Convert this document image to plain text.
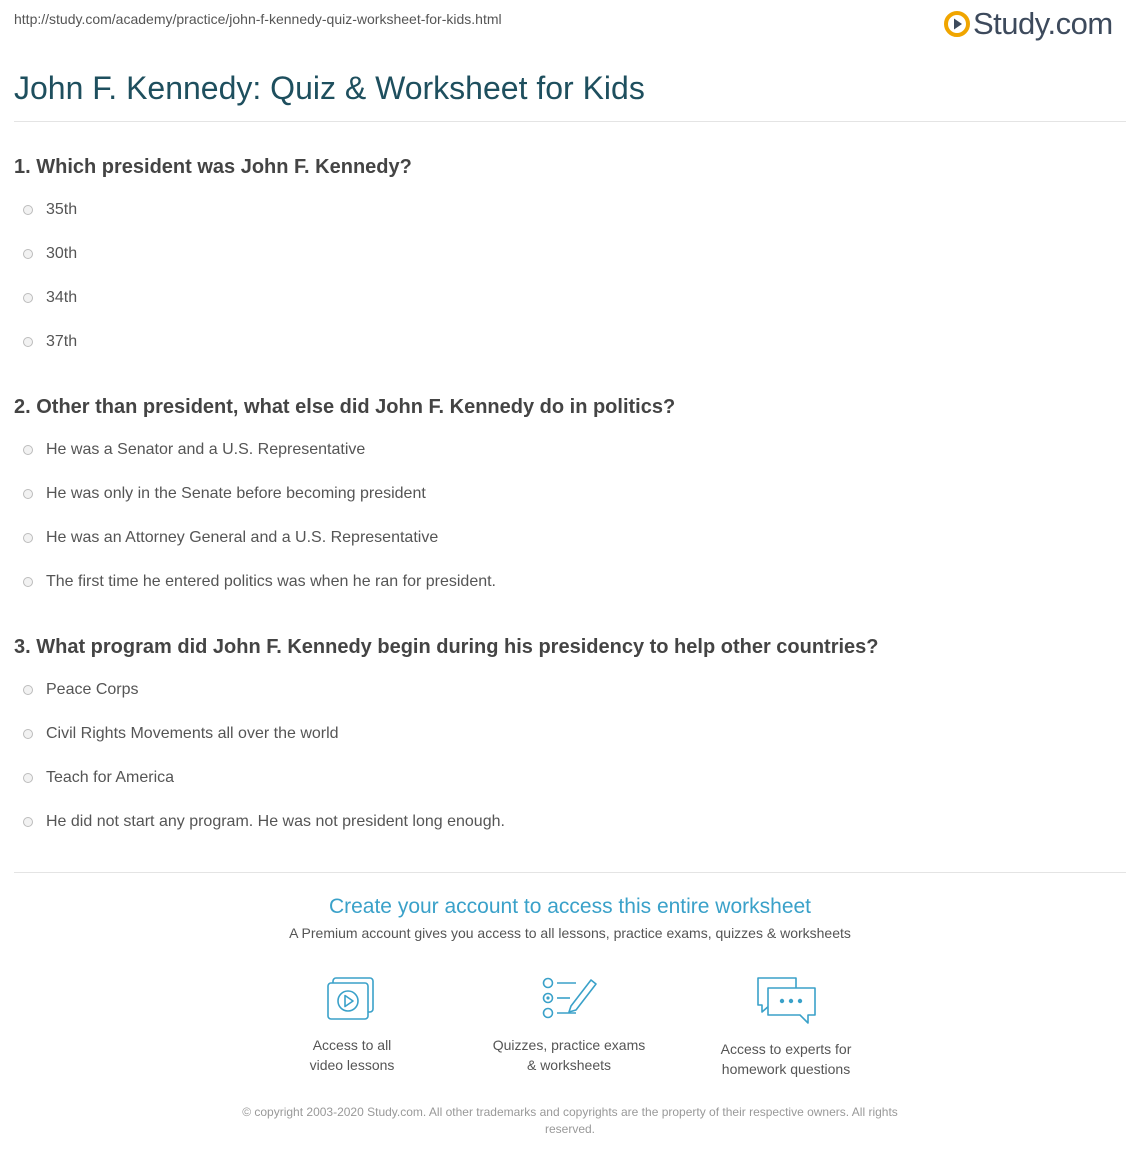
http://study.com/academy/practice/john-f-kennedy-quiz-worksheet-for-kids.html	Study.com
John F. Kennedy: Quiz & Worksheet for Kids

1. Which president was John F. Kennedy?

35th
30th
34th
37th

2. Other than president, what else did John F. Kennedy do in politics?

He was a Senator and a U.S. Representative
He was only in the Senate before becoming president
He was an Attorney General and a U.S. Representative
The first time he entered politics was when he ran for president.

3. What program did John F. Kennedy begin during his presidency to help other countries?

Peace Corps
Civil Rights Movements all over the world
Teach for America
He did not start any program. He was not president long enough.
Create your account to access this entire worksheet
A Premium account gives you access to all lessons, practice exams, quizzes & worksheets
Access to all
video lessons
Quizzes, practice exams
& worksheets
Access to experts for
homework questions
© copyright 2003-2020 Study.com. All other trademarks and copyrights are the property of their respective owners. All rights
reserved.
